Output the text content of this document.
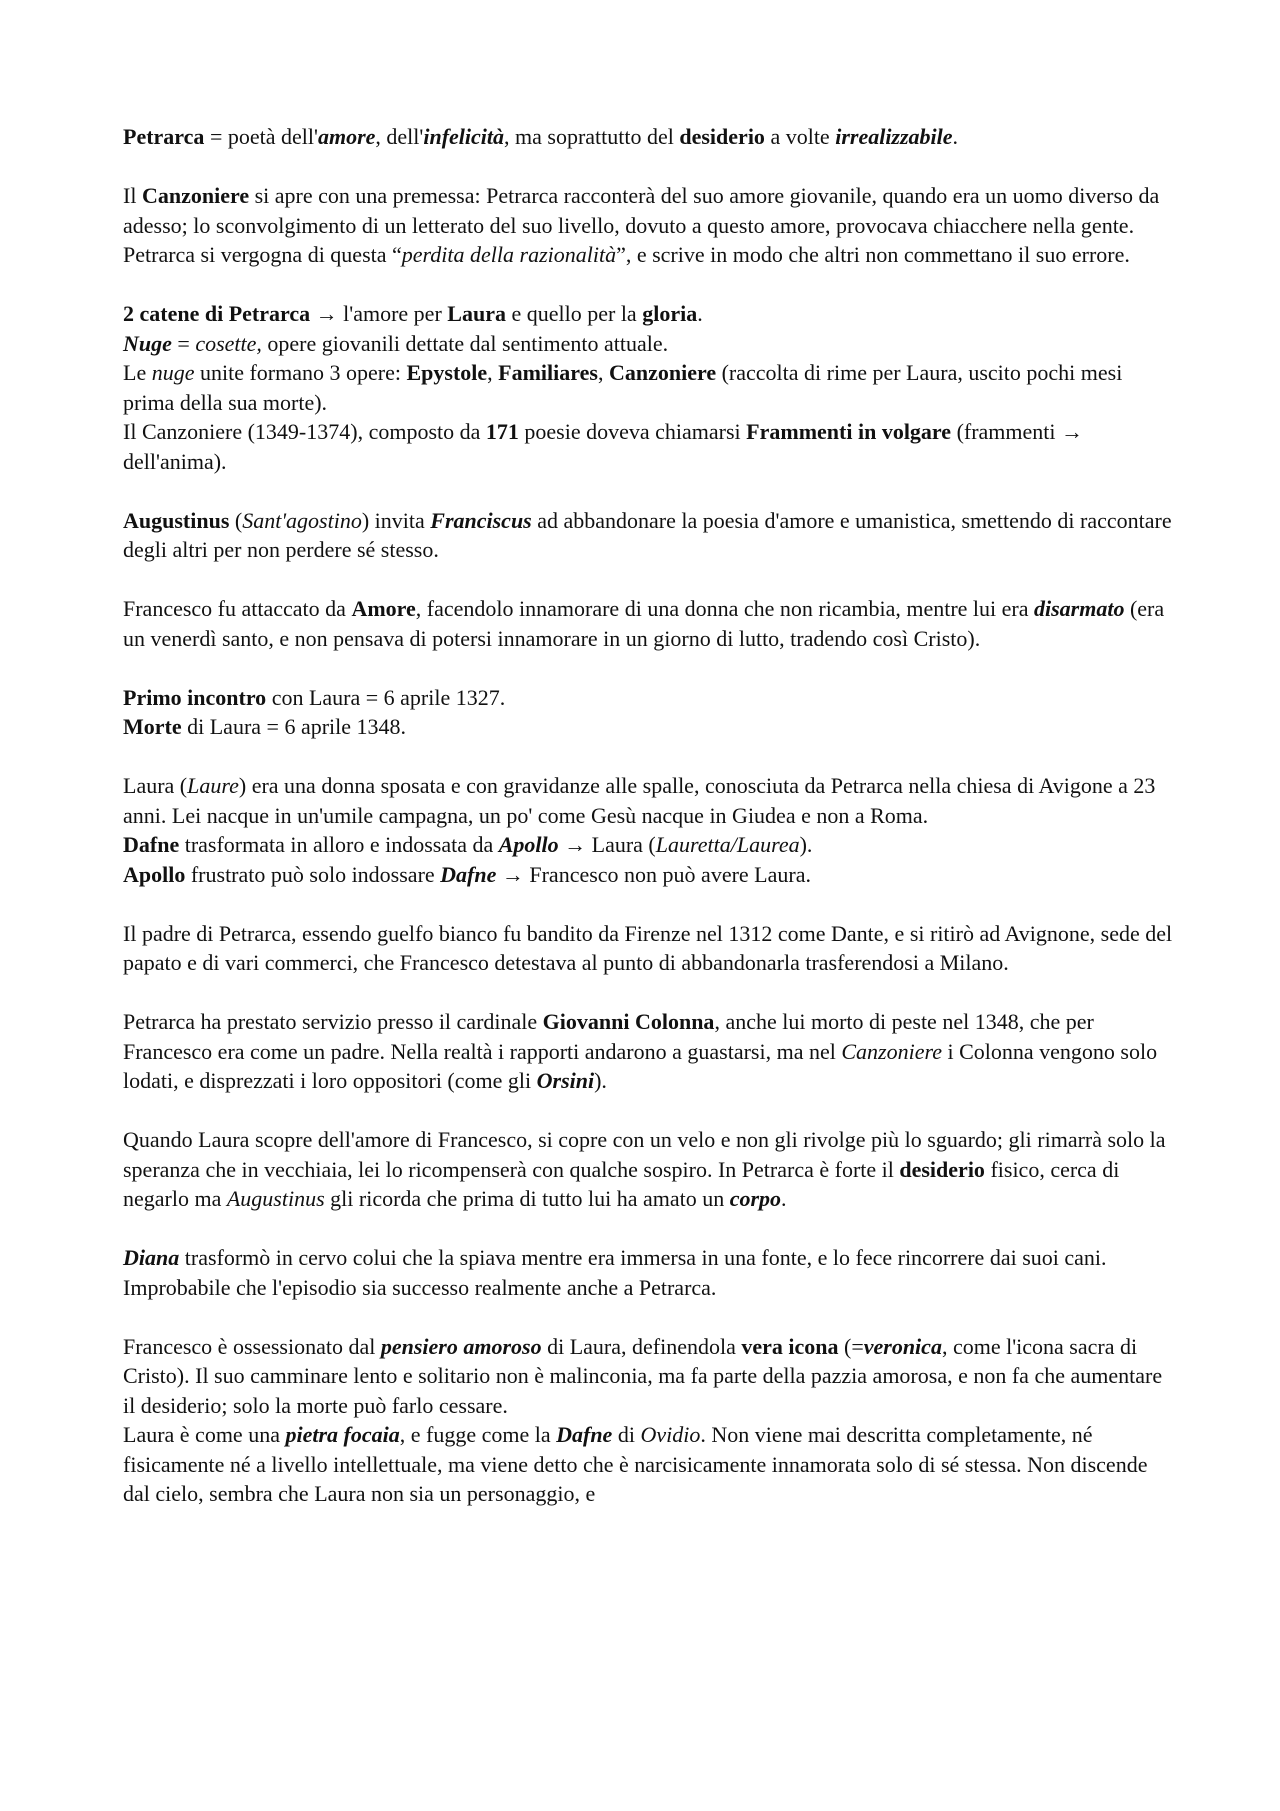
Petrarca = poetà dell'amore, dell'infelicità, ma soprattutto del desiderio a volte irrealizzabile.

Il Canzoniere si apre con una premessa: Petrarca racconterà del suo amore giovanile, quando era un uomo diverso da adesso; lo sconvolgimento di un letterato del suo livello, dovuto a questo amore, provocava chiacchere nella gente. Petrarca si vergogna di questa “perdita della razionalità”, e scrive in modo che altri non commettano il suo errore.

2 catene di Petrarca → l'amore per Laura e quello per la gloria.

Nuge = cosette, opere giovanili dettate dal sentimento attuale.

Le nuge unite formano 3 opere: Epystole, Familiares, Canzoniere (raccolta di rime per Laura, uscito pochi mesi prima della sua morte).

Il Canzoniere (1349-1374), composto da 171 poesie doveva chiamarsi Frammenti in volgare (frammenti → dell'anima).

Augustinus (Sant'agostino) invita Franciscus ad abbandonare la poesia d'amore e umanistica, smettendo di raccontare degli altri per non perdere sé stesso.

Francesco fu attaccato da Amore, facendolo innamorare di una donna che non ricambia, mentre lui era disarmato (era un venerdì santo, e non pensava di potersi innamorare in un giorno di lutto, tradendo così Cristo).

Primo incontro con Laura = 6 aprile 1327.

Morte di Laura = 6 aprile 1348.

Laura (Laure) era una donna sposata e con gravidanze alle spalle, conosciuta da Petrarca nella chiesa di Avigone a 23 anni. Lei nacque in un'umile campagna, un po' come Gesù nacque in Giudea e non a Roma.

Dafne trasformata in alloro e indossata da Apollo → Laura (Lauretta/Laurea).

Apollo frustrato può solo indossare Dafne → Francesco non può avere Laura.

Il padre di Petrarca, essendo guelfo bianco fu bandito da Firenze nel 1312 come Dante, e si ritirò ad Avignone, sede del papato e di vari commerci, che Francesco detestava al punto di abbandonarla trasferendosi a Milano.

Petrarca ha prestato servizio presso il cardinale Giovanni Colonna, anche lui morto di peste nel 1348, che per Francesco era come un padre. Nella realtà i rapporti andarono a guastarsi, ma nel Canzoniere i Colonna vengono solo lodati, e disprezzati i loro oppositori (come gli Orsini).

Quando Laura scopre dell'amore di Francesco, si copre con un velo e non gli rivolge più lo sguardo; gli rimarrà solo la speranza che in vecchiaia, lei lo ricompenserà con qualche sospiro. In Petrarca è forte il desiderio fisico, cerca di negarlo ma Augustinus gli ricorda che prima di tutto lui ha amato un corpo.

Diana trasformò in cervo colui che la spiava mentre era immersa in una fonte, e lo fece rincorrere dai suoi cani. Improbabile che l'episodio sia successo realmente anche a Petrarca.

Francesco è ossessionato dal pensiero amoroso di Laura, definendola vera icona (=veronica, come l'icona sacra di Cristo). Il suo camminare lento e solitario non è malinconia, ma fa parte della pazzia amorosa, e non fa che aumentare il desiderio; solo la morte può farlo cessare.

Laura è come una pietra focaia, e fugge come la Dafne di Ovidio. Non viene mai descritta completamente, né fisicamente né a livello intellettuale, ma viene detto che è narcisicamente innamorata solo di sé stessa. Non discende dal cielo, sembra che Laura non sia un personaggio, e
